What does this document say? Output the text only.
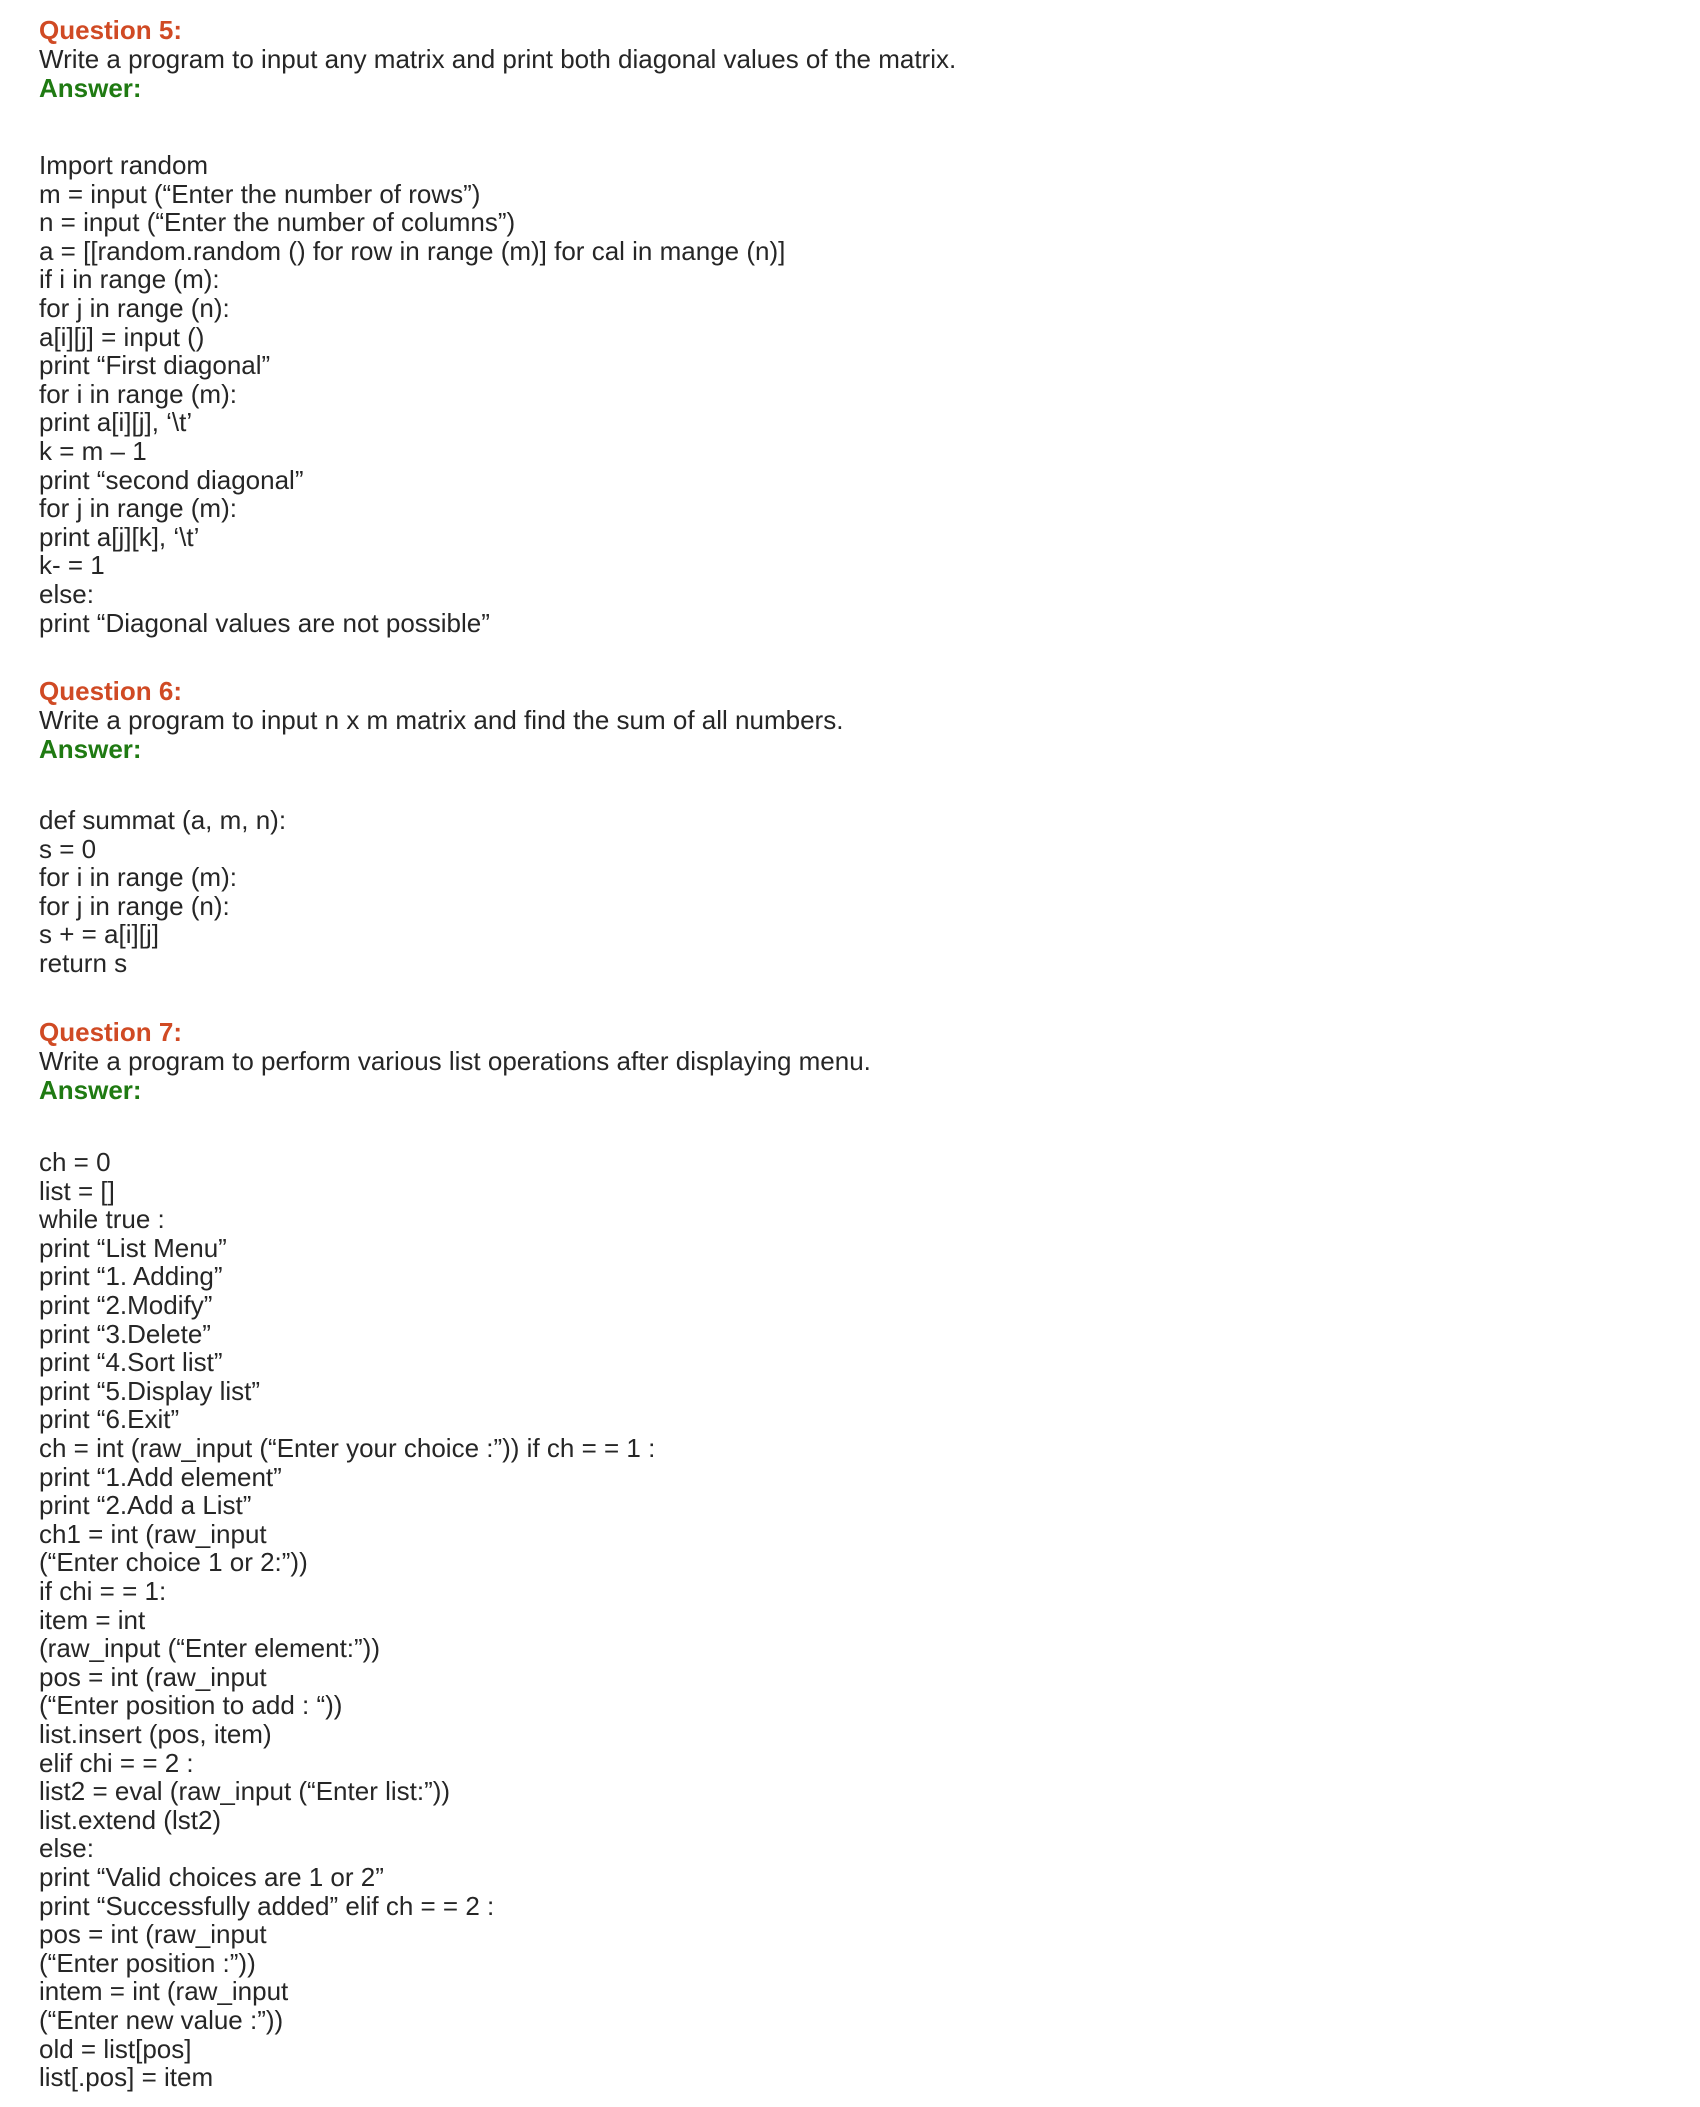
Question 5:

Write a program to input any matrix and print both diagonal values of the matrix.

Answer:

Import random

m = input (“Enter the number of rows”)

n = input (“Enter the number of columns”)

a = [[random.random () for row in range (m)] for cal in mange (n)]

if i in range (m):

for j in range (n):

a[i][j] = input ()

print “First diagonal”

for i in range (m):

print a[i][j], ‘\t’

k = m – 1

print “second diagonal”

for j in range (m):

print a[j][k], ‘\t’

k- = 1

else:

print “Diagonal values are not possible”

Question 6:

Write a program to input n x m matrix and find the sum of all numbers.

Answer:

def summat (a, m, n):

s = 0

for i in range (m):

for j in range (n):

s + = a[i][j]

return s

Question 7:

Write a program to perform various list operations after displaying menu.

Answer:

ch = 0

list = []

while true :

print “List Menu”

print “1. Adding”

print “2.Modify”

print “3.Delete”

print “4.Sort list”

print “5.Display list”

print “6.Exit”

ch = int (raw_input (“Enter your choice :”)) if ch = = 1 :

print “1.Add element”

print “2.Add a List”

ch1 = int (raw_input

(“Enter choice 1 or 2:”))

if chi = = 1:

item = int

(raw_input (“Enter element:”))

pos = int (raw_input

(“Enter position to add : “))

list.insert (pos, item)

elif chi = = 2 :

list2 = eval (raw_input (“Enter list:”))

list.extend (lst2)

else:

print “Valid choices are 1 or 2”

print “Successfully added” elif ch = = 2 :

pos = int (raw_input

(“Enter position :”))

intem = int (raw_input

(“Enter new value :”))

old = list[pos]

list[.pos] = item
